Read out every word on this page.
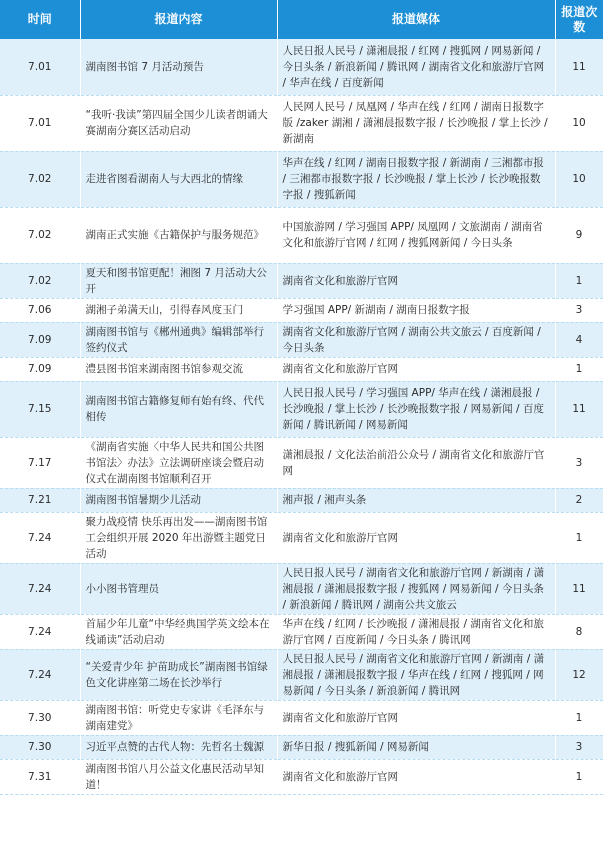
时间	报道内容	报道媒体	报道次数
7.01	湖南图书馆 7 月活动预告	人民日报人民号 / 潇湘晨报 / 红网 / 搜狐网 / 网易新闻 / 今日头条 / 新浪新闻 / 腾讯网 / 湖南省文化和旅游厅官网 / 华声在线 / 百度新闻	11
7.01	“我听·我读”第四届全国少儿读者朗诵大赛湖南分赛区活动启动	人民网人民号 / 凤凰网 / 华声在线 / 红网 / 湖南日报数字版 /zaker 湖湘 / 潇湘晨报数字报 / 长沙晚报 / 掌上长沙 / 新湖南	10
7.02	走进省图看湖南人与大西北的情缘	华声在线 / 红网 / 湖南日报数字报 / 新湖南 / 三湘都市报 / 三湘都市报数字报 / 长沙晚报 / 掌上长沙 / 长沙晚报数字报 / 搜狐新闻	10
7.02	湖南正式实施《古籍保护与服务规范》	中国旅游网 / 学习强国 APP/ 凤凰网 / 文旅湖南 / 湖南省文化和旅游厅官网 / 红网 / 搜狐网新闻 / 今日头条	9
7.02	夏天和图书馆更配！湘图 7 月活动大公开	湖南省文化和旅游厅官网	1
7.06	湖湘子弟满天山，引得春风度玉门	学习强国 APP/ 新湖南 / 湖南日报数字报	3
7.09	湖南图书馆与《郴州通典》编辑部举行签约仪式	湖南省文化和旅游厅官网 / 湖南公共文旅云 / 百度新闻 / 今日头条	4
7.09	澧县图书馆来湖南图书馆参观交流	湖南省文化和旅游厅官网	1
7.15	湖南图书馆古籍修复师有始有终、代代相传	人民日报人民号 / 学习强国 APP/ 华声在线 / 潇湘晨报 / 长沙晚报 / 掌上长沙 / 长沙晚报数字报 / 网易新闻 / 百度新闻 / 腾讯新闻 / 网易新闻	11
7.17	《湖南省实施〈中华人民共和国公共图书馆法〉办法》立法调研座谈会暨启动仪式在湖南图书馆顺利召开	潇湘晨报 / 文化法治前沿公众号 / 湖南省文化和旅游厅官网	3
7.21	湖南图书馆暑期少儿活动	湘声报 / 湘声头条	2
7.24	聚力战疫情 快乐再出发——湖南图书馆工会组织开展 2020 年出游暨主题党日活动	湖南省文化和旅游厅官网	1
7.24	小小图书管理员	人民日报人民号 / 湖南省文化和旅游厅官网 / 新湖南 / 潇湘晨报 / 潇湘晨报数字报 / 搜狐网 / 网易新闻 / 今日头条 / 新浪新闻 / 腾讯网 / 湖南公共文旅云	11
7.24	首届少年儿童“中华经典国学英文绘本在线诵读”活动启动	华声在线 / 红网 / 长沙晚报 / 潇湘晨报 / 湖南省文化和旅游厅官网 / 百度新闻 / 今日头条 / 腾讯网	8
7.24	“关爱青少年 护苗助成长”湖南图书馆绿色文化讲座第二场在长沙举行	人民日报人民号 / 湖南省文化和旅游厅官网 / 新湖南 / 潇湘晨报 / 潇湘晨报数字报 / 华声在线 / 红网 / 搜狐网 / 网易新闻 / 今日头条 / 新浪新闻 / 腾讯网	12
7.30	湖南图书馆：听党史专家讲《毛泽东与湖南建党》	湖南省文化和旅游厅官网	1
7.30	习近平点赞的古代人物：先哲名士魏源	新华日报 / 搜狐新闻 / 网易新闻	3
7.31	湖南图书馆八月公益文化惠民活动早知道！	湖南省文化和旅游厅官网	1
